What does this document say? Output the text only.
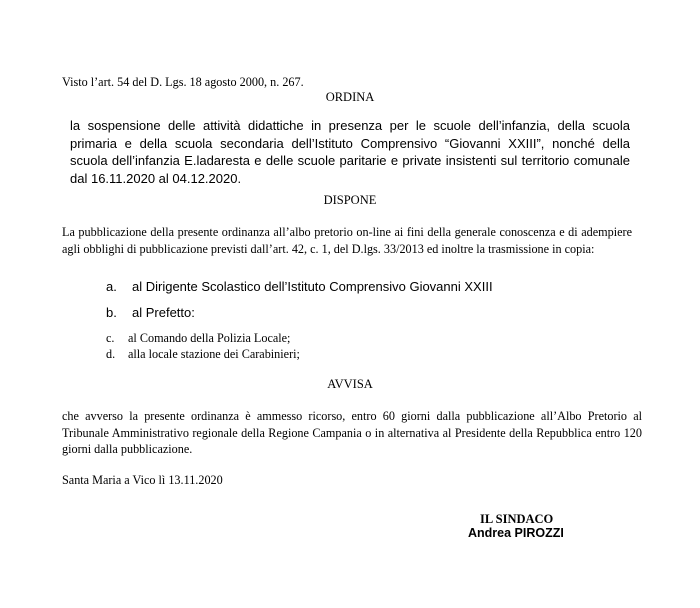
Visto l’art. 54 del D. Lgs. 18 agosto 2000, n. 267.
ORDINA
la sospensione delle attività didattiche in presenza per le scuole dell’infanzia, della scuola
primaria e della scuola secondaria dell’Istituto Comprensivo “Giovanni XXIII”, nonché della
scuola dell’infanzia E.ladaresta e delle scuole paritarie e private insistenti sul territorio comunale
dal 16.11.2020 al 04.12.2020.
DISPONE
La pubblicazione della presente ordinanza all’albo pretorio on-line ai fini della generale conoscenza e di adempiere
agli obblighi di pubblicazione previsti dall’art. 42, c. 1, del D.lgs. 33/2013 ed inoltre la trasmissione in copia:
a.	al Dirigente Scolastico dell’Istituto Comprensivo Giovanni XXIII
b.	al Prefetto:
c.	al Comando della Polizia Locale;
d.	alla locale stazione dei Carabinieri;
AVVISA
che avverso la presente ordinanza è ammesso ricorso, entro 60 giorni dalla pubblicazione all’Albo Pretorio al
Tribunale Amministrativo regionale della Regione Campania o in alternativa al Presidente della Repubblica entro 120
giorni dalla pubblicazione.
Santa Maria a Vico lì 13.11.2020
IL SINDACO
Andrea PIROZZI
